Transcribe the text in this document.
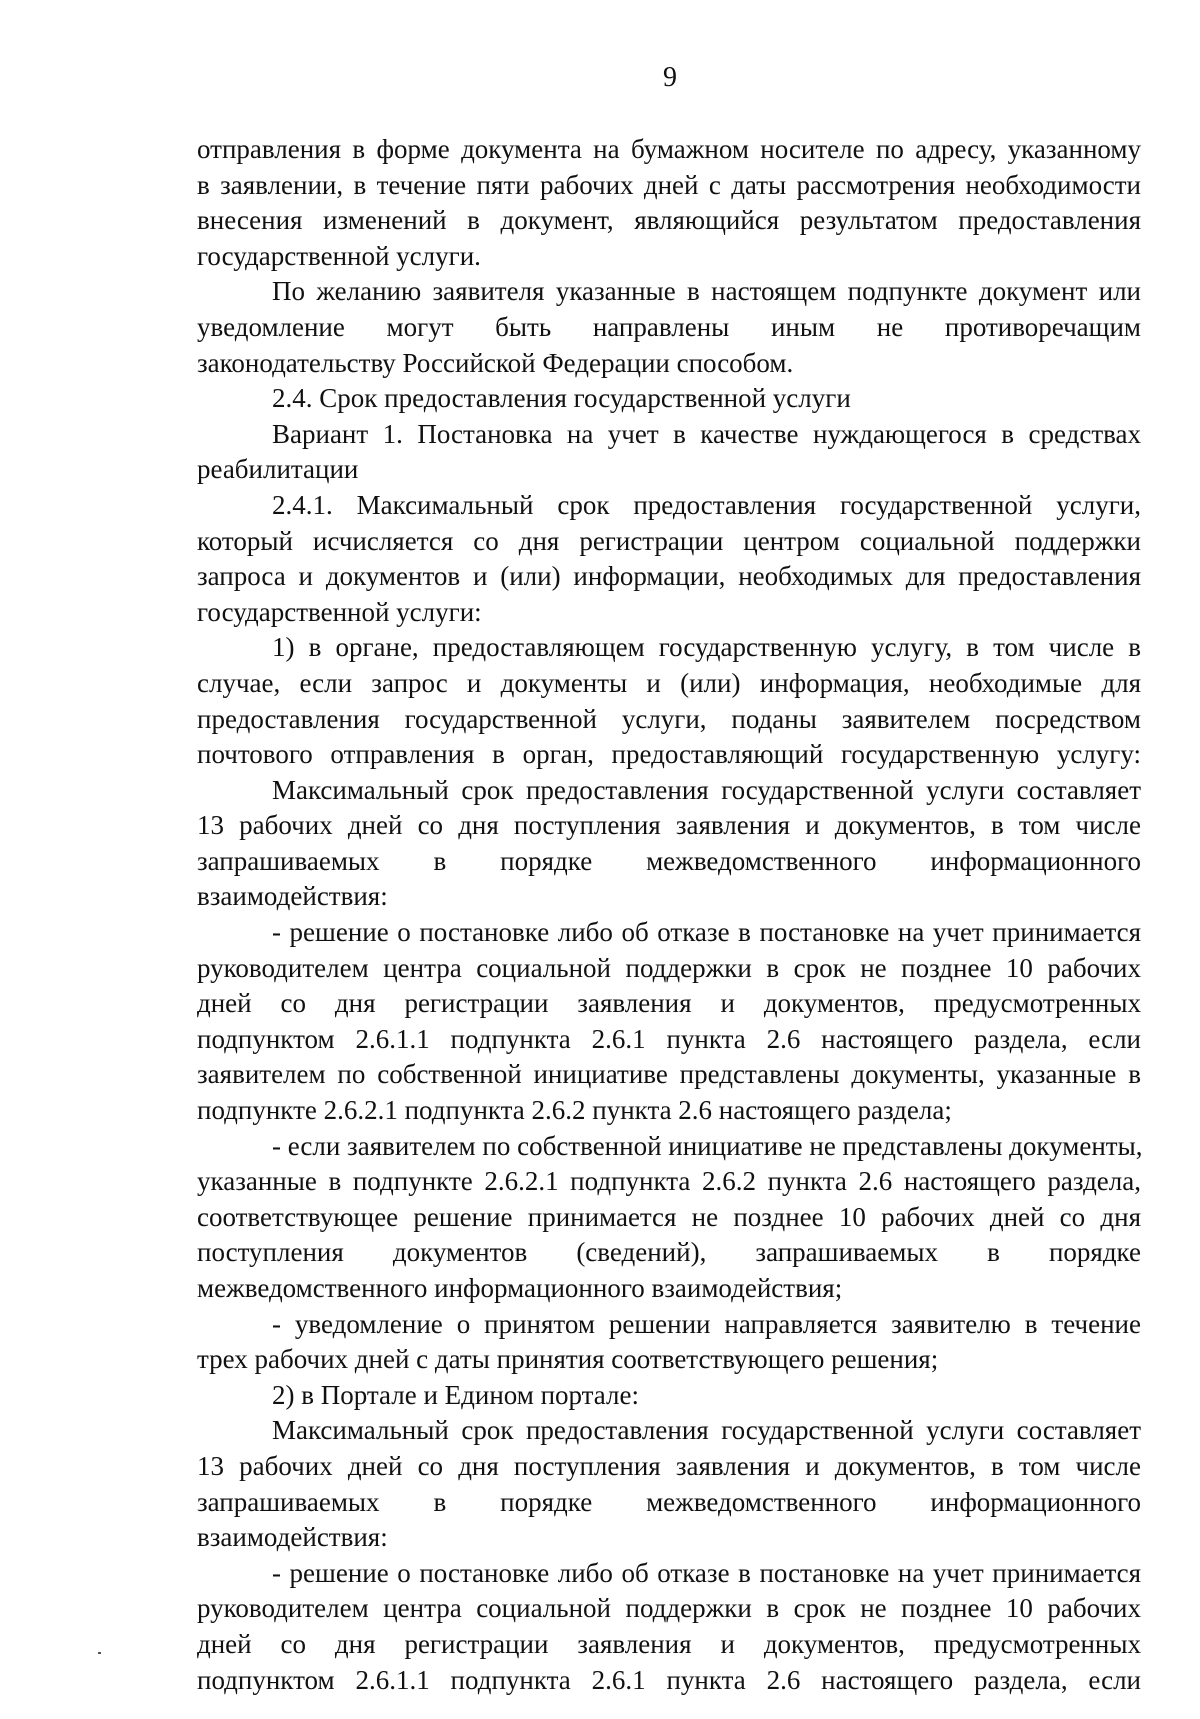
9
отправления в форме документа на бумажном носителе по адресу, указанному
в заявлении, в течение пяти рабочих дней с даты рассмотрения необходимости
внесения изменений в документ, являющийся результатом предоставления
государственной услуги.
По желанию заявителя указанные в настоящем подпункте документ или
уведомление могут быть направлены иным не противоречащим
законодательству Российской Федерации способом.
2.4. Срок предоставления государственной услуги
Вариант 1. Постановка на учет в качестве нуждающегося в средствах
реабилитации
2.4.1. Максимальный срок предоставления государственной услуги,
который исчисляется со дня регистрации центром социальной поддержки
запроса и документов и (или) информации, необходимых для предоставления
государственной услуги:
1) в органе, предоставляющем государственную услугу, в том числе в
случае, если запрос и документы и (или) информация, необходимые для
предоставления государственной услуги, поданы заявителем посредством
почтового отправления в орган, предоставляющий государственную услугу:
Максимальный срок предоставления государственной услуги составляет
13 рабочих дней со дня поступления заявления и документов, в том числе
запрашиваемых в порядке межведомственного информационного
взаимодействия:
- решение о постановке либо об отказе в постановке на учет принимается
руководителем центра социальной поддержки в срок не позднее 10 рабочих
дней со дня регистрации заявления и документов, предусмотренных
подпунктом 2.6.1.1 подпункта 2.6.1 пункта 2.6 настоящего раздела, если
заявителем по собственной инициативе представлены документы, указанные в
подпункте 2.6.2.1 подпункта 2.6.2 пункта 2.6 настоящего раздела;
- если заявителем по собственной инициативе не представлены документы,
указанные в подпункте 2.6.2.1 подпункта 2.6.2 пункта 2.6 настоящего раздела,
соответствующее решение принимается не позднее 10 рабочих дней со дня
поступления документов (сведений), запрашиваемых в порядке
межведомственного информационного взаимодействия;
- уведомление о принятом решении направляется заявителю в течение
трех рабочих дней с даты принятия соответствующего решения;
2) в Портале и Едином портале:
Максимальный срок предоставления государственной услуги составляет
13 рабочих дней со дня поступления заявления и документов, в том числе
запрашиваемых в порядке межведомственного информационного
взаимодействия:
- решение о постановке либо об отказе в постановке на учет принимается
руководителем центра социальной поддержки в срок не позднее 10 рабочих
дней со дня регистрации заявления и документов, предусмотренных
подпунктом 2.6.1.1 подпункта 2.6.1 пункта 2.6 настоящего раздела, если
